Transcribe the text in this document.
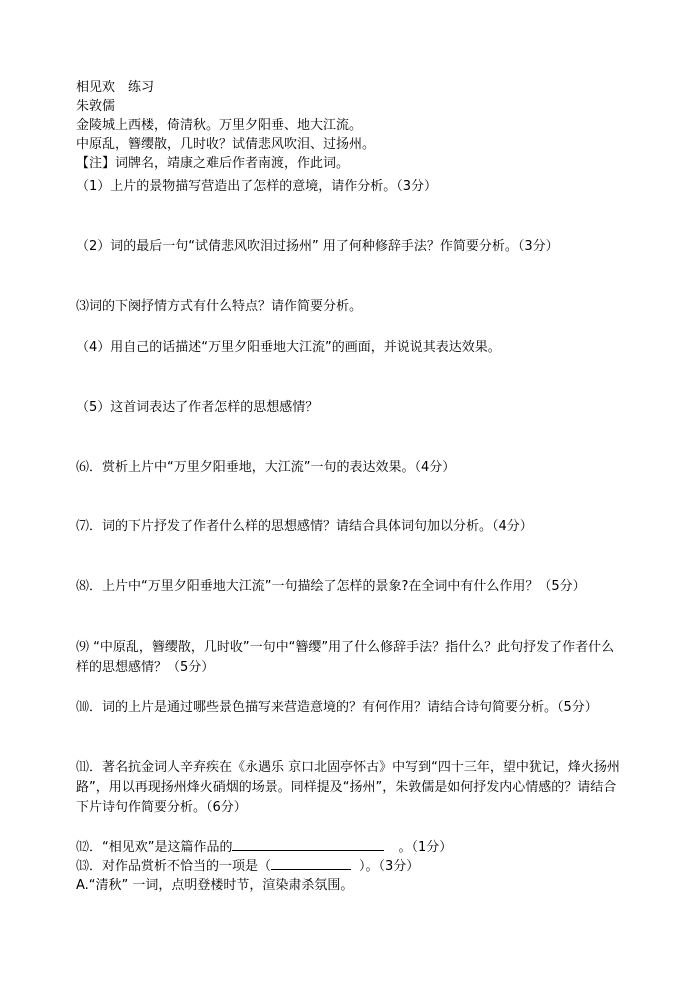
相见欢　练习
朱敦儒
金陵城上西楼，倚清秋。万里夕阳垂、地大江流。
中原乱，簪缨散，几时收？试倩悲风吹泪、过扬州。
【注】词牌名，靖康之难后作者南渡，作此词。
（1）上片的景物描写营造出了怎样的意境，请作分析。（3分）
（2）词的最后一句“试倩悲风吹泪过扬州” 用了何种修辞手法？作简要分析。（3分）
⑶词的下阕抒情方式有什么特点？请作简要分析。
（4）用自己的话描述“万里夕阳垂地大江流”的画面，并说说其表达效果。
（5）这首词表达了作者怎样的思想感情？
⑹．赏析上片中“万里夕阳垂地，大江流”一句的表达效果。（4分）
⑺．词的下片抒发了作者什么样的思想感情？请结合具体词句加以分析。（4分）
⑻．上片中“万里夕阳垂地大江流”一句描绘了怎样的景象?在全词中有什么作用？（5分）
⑼ “中原乱，簪缨散，几时收”一句中“簪缨”用了什么修辞手法？指什么？此句抒发了作者什么样的思想感情？（5分）
⑽．词的上片是通过哪些景色描写来营造意境的？有何作用？请结合诗句简要分析。（5分）
⑾．著名抗金词人辛弃疾在《永遇乐 京口北固亭怀古》中写到“四十三年，望中犹记，烽火扬州路”，用以再现扬州烽火硝烟的场景。同样提及“扬州”，朱敦儒是如何抒发内心情感的？请结合下片诗句作简要分析。（6分）
⑿．“相见欢”是这篇作品的	。（1分）
⒀．对作品赏析不恰当的一项是（	）。（3分）
A.“清秋” 一词，点明登楼时节，渲染肃杀氛围。
